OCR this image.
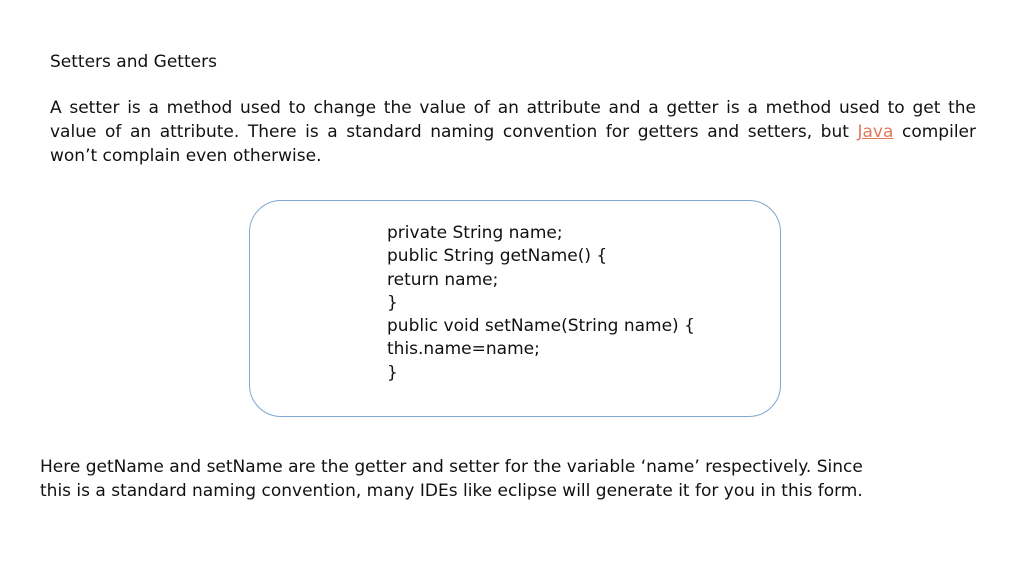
Setters and Getters
A setter is a method used to change the value of an attribute and a getter is a method used to get the value of an attribute. There is a standard naming convention for getters and setters, but Java compiler won’t complain even otherwise.
private String name;
public String getName() {
return name;
}
public void setName(String name) {
this.name=name;
}
Here getName and setName are the getter and setter for the variable ‘name’ respectively. Since
this is a standard naming convention, many IDEs like eclipse will generate it for you in this form.
